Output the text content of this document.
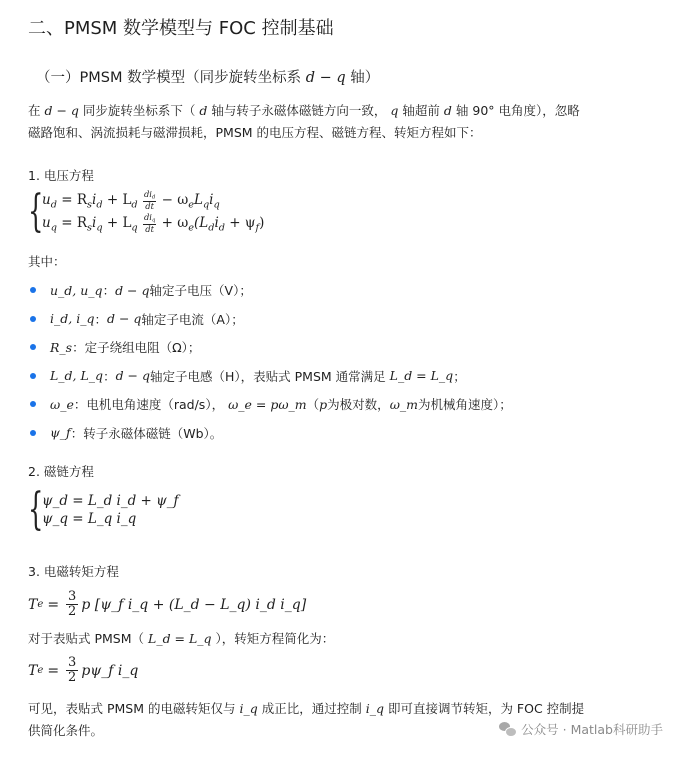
二、PMSM 数学模型与 FOC 控制基础
（一）PMSM 数学模型（同步旋转坐标系 d − q 轴）
在 d − q 同步旋转坐标系下（ d 轴与转子永磁体磁链方向一致， q 轴超前 d 轴 90° 电角度），忽略
磁路饱和、涡流损耗与磁滞损耗，PMSM 的电压方程、磁链方程、转矩方程如下：
1. 电压方程
{
$u_d = R_si_d + L_d \frac{\text{did}}{dt} - \omega_eL_qi_q$
$u_q = R_si_q + L_q \frac{\text{diq}}{dt} + \omega_e(L_di_d + \psi_f)$
其中：
u_d, u_q ： d − q 轴定子电压（V）；
i_d, i_q ： d − q 轴定子电流（A）；
R_s ： 定子绕组电阻（Ω）；
L_d, L_q ： d − q 轴定子电感（H），表贴式 PMSM 通常满足 L_d = L_q ；
ω_e ： 电机电角速度（rad/s）， ω_e = pω_m （ p 为极对数， ω_m 为机械角速度）；
ψ_f ： 转子永磁体磁链（Wb）。
2. 磁链方程
{
ψ_d = L_d i_d + ψ_f
ψ_q = L_q i_q
3. 电磁转矩方程
T $e = \frac{3}{2}$ p [ψ_f i_q + (L_d − L_q) i_d i_q]
对于表贴式 PMSM（ L_d = L_q ），转矩方程简化为：
T $e = \frac{3}{2}$ pψ_f i_q
可见，表贴式 PMSM 的电磁转矩仅与 i_q 成正比，通过控制 i_q 即可直接调节转矩，为 FOC 控制提
供简化条件。	公众号 · Matlab科研助手
